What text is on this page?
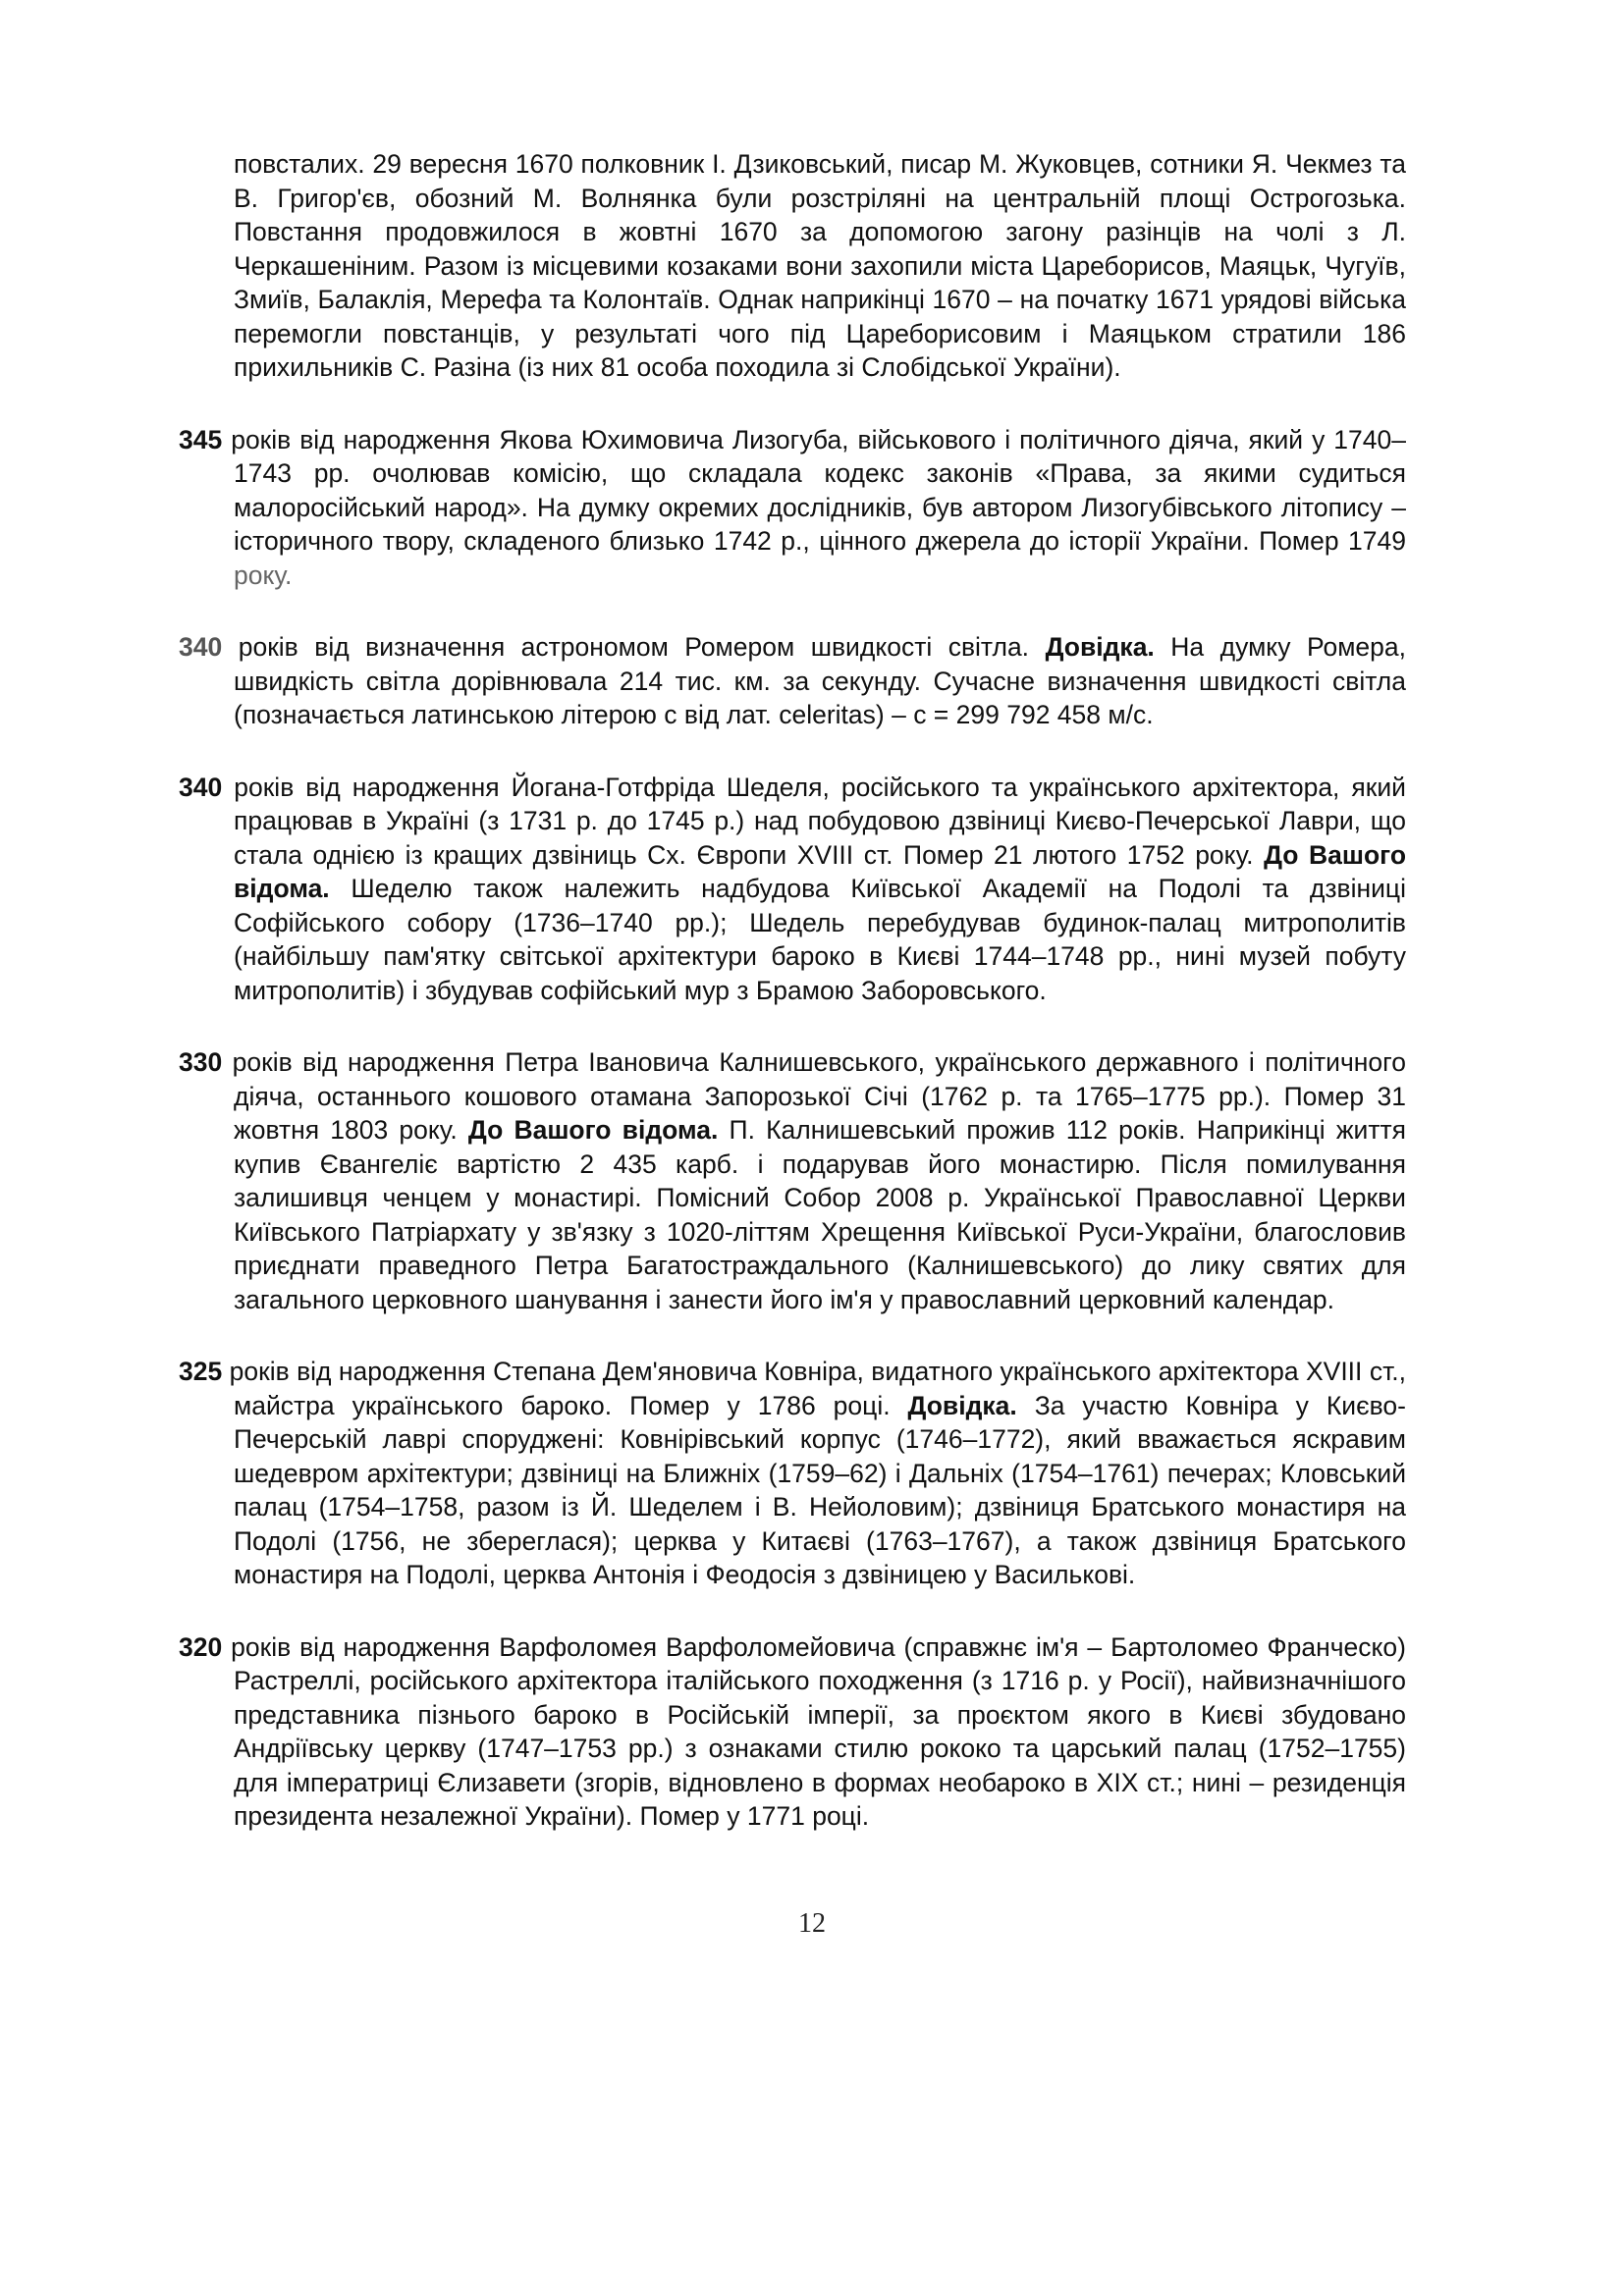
повсталих. 29 вересня 1670 полковник І. Дзиковський, писар М. Жуковцев, сотники Я. Чекмез та В. Григор'єв, обозний М. Волнянка були розстріляні на центральній площі Острогозька. Повстання продовжилося в жовтні 1670 за допомогою загону разінців на чолі з Л. Черкашеніним. Разом із місцевими козаками вони захопили міста Цареборисов, Маяцьк, Чугуїв, Змиїв, Балаклія, Мерефа та Колонтаїв. Однак наприкінці 1670 – на початку 1671 урядові війська перемогли повстанців, у результаті чого під Цареборисовим і Маяцьком стратили 186 прихильників С. Разіна (із них 81 особа походила зі Слобідської України).

345 років від народження Якова Юхимовича Лизогуба, військового і політичного діяча, який у 1740–1743 рр. очолював комісію, що складала кодекс законів «Права, за якими судиться малоросійський народ». На думку окремих дослідників, був автором Лизогубівського літопису – історичного твору, складеного близько 1742 р., цінного джерела до історії України. Помер 1749 року.

340 років від визначення астрономом Ромером швидкості світла. Довідка. На думку Ромера, швидкість світла дорівнювала 214 тис. км. за секунду. Сучасне визначення швидкості світла (позначається латинською літерою c від лат. celeritas) – c = 299 792 458 м/с.

340 років від народження Йогана-Готфріда Шеделя, російського та українського архітектора, який працював в Україні (з 1731 р. до 1745 р.) над побудовою дзвіниці Києво-Печерської Лаври, що стала однією із кращих дзвіниць Сх. Європи XVIII ст. Помер 21 лютого 1752 року. До Вашого відома. Шеделю також належить надбудова Київської Академії на Подолі та дзвіниці Софійського собору (1736–1740 рр.); Шедель перебудував будинок-палац митрополитів (найбільшу пам'ятку світської архітектури бароко в Києві 1744–1748 рр., нині музей побуту митрополитів) і збудував софійський мур з Брамою Заборовського.

330 років від народження Петра Івановича Калнишевського, українського державного і політичного діяча, останнього кошового отамана Запорозької Січі (1762 р. та 1765–1775 рр.). Помер 31 жовтня 1803 року. До Вашого відома. П. Калнишевський прожив 112 років. Наприкінці життя купив Євангеліє вартістю 2 435 карб. і подарував його монастирю. Після помилування залишивця ченцем у монастирі. Помісний Собор 2008 р. Української Православної Церкви Київського Патріархату у зв'язку з 1020-літтям Хрещення Київської Руси-України, благословив приєднати праведного Петра Багатостраждального (Калнишевського) до лику святих для загального церковного шанування і занести його ім'я у православний церковний календар.

325 років від народження Степана Дем'яновича Ковніра, видатного українського архітектора XVIII ст., майстра українського бароко. Помер у 1786 році. Довідка. За участю Ковніра у Києво-Печерській лаврі споруджені: Ковнірівський корпус (1746–1772), який вважається яскравим шедевром архітектури; дзвіниці на Ближніх (1759–62) і Дальніх (1754–1761) печерах; Кловський палац (1754–1758, разом із Й. Шеделем і В. Нейоловим); дзвіниця Братського монастиря на Подолі (1756, не збереглася); церква у Китаєві (1763–1767), а також дзвіниця Братського монастиря на Подолі, церква Антонія і Феодосія з дзвіницею у Василькові.

320 років від народження Варфоломея Варфоломейовича (справжнє ім'я – Бартоломео Франческо) Растреллі, російського архітектора італійського походження (з 1716 р. у Росії), найвизначнішого представника пізнього бароко в Російській імперії, за проєктом якого в Києві збудовано Андріївську церкву (1747–1753 рр.) з ознаками стилю рококо та царський палац (1752–1755) для імператриці Єлизавети (згорів, відновлено в формах необароко в XIX ст.; нині – резиденція президента незалежної України). Помер у 1771 році.

12
